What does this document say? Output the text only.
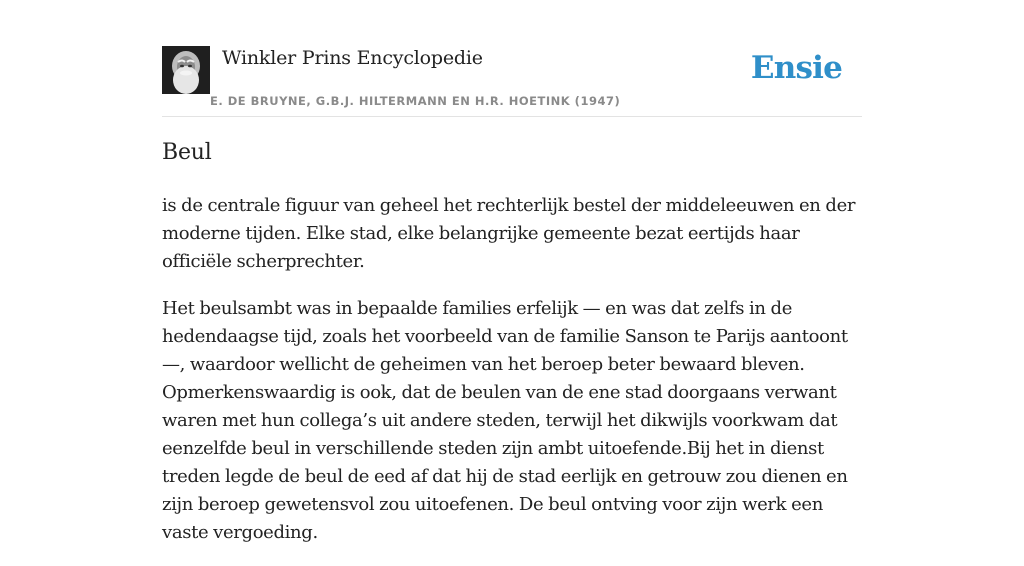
Winkler Prins Encyclopedie
E. DE BRUYNE, G.B.J. HILTERMANN EN H.R. HOETINK (1947)
Ensie
Beul

is de centrale figuur van geheel het rechterlijk bestel der middeleeuwen en der moderne tijden. Elke stad, elke belangrijke gemeente bezat eertijds haar officiële scherprechter.

Het beulsambt was in bepaalde families erfelijk — en was dat zelfs in de hedendaagse tijd, zoals het voorbeeld van de familie Sanson te Parijs aantoont —, waardoor wellicht de geheimen van het beroep beter bewaard bleven. Opmerkenswaardig is ook, dat de beulen van de ene stad doorgaans verwant waren met hun collega’s uit andere steden, terwijl het dikwijls voorkwam dat eenzelfde beul in verschillende steden zijn ambt uitoefende.Bij het in dienst treden legde de beul de eed af dat hij de stad eerlijk en getrouw zou dienen en zijn beroep gewetensvol zou uitoefenen. De beul ontving voor zijn werk een vaste vergoeding.
